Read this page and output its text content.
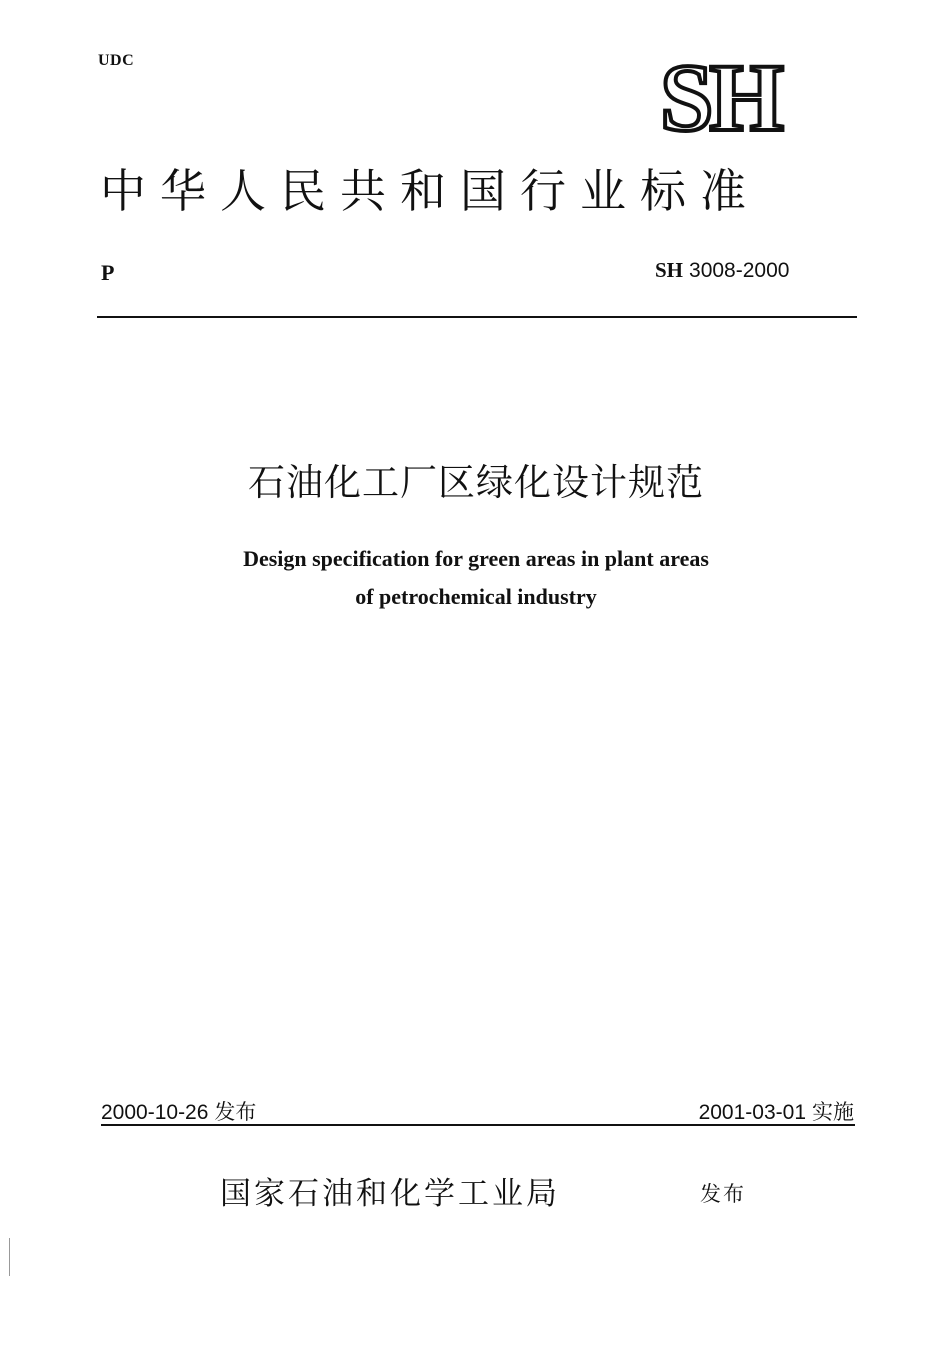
UDC	SH
中华人民共和国行业标准
P	SH 3008-2000
石油化工厂区绿化设计规范
Design specification for green areas in plant areas
of petrochemical industry
2000-10-26 发布	2001-03-01 实施
国家石油和化学工业局	发布
